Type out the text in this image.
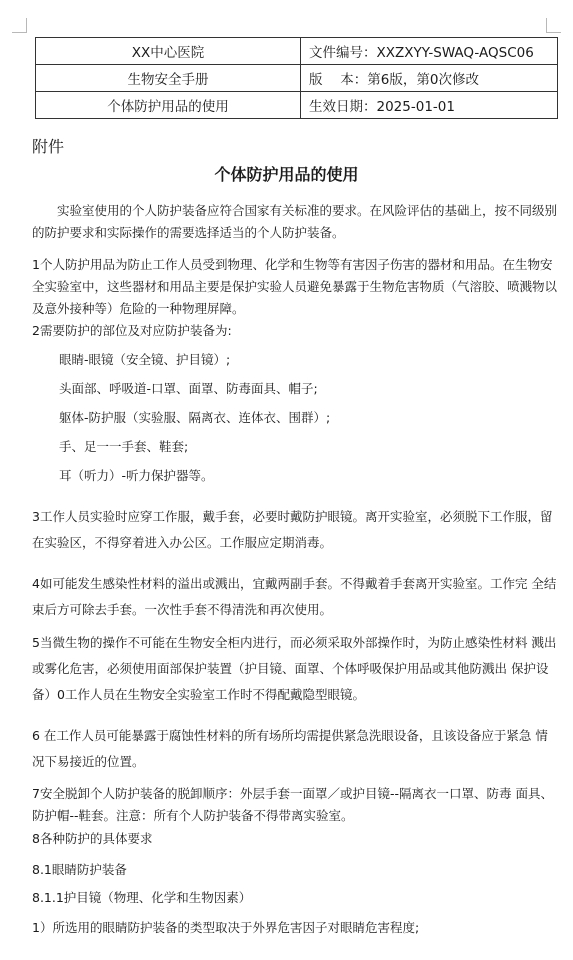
XX中心医院	文件编号：XXZXYY-SWAQ-AQSC06
生物安全手册	版　 本：第6版，第0次修改
个体防护用品的使用	生效日期：2025-01-01
附件
个体防护用品的使用

实验室使用的个人防护装备应符合国家有关标准的要求。在风险评估的基础上，按不同级别的防护要求和实际操作的需要选择适当的个人防护装备。

1个人防护用品为防止工作人员受到物理、化学和生物等有害因子伤害的器材和用品。在生物安全实验室中，这些器材和用品主要是保护实验人员避免暴露于生物危害物质（气溶胶、喷溅物以及意外接种等）危险的一种物理屏障。

2需要防护的部位及对应防护装备为:

眼睛-眼镜（安全镜、护目镜）;

头面部、呼吸道-口罩、面罩、防毒面具、帽子;

躯体-防护服（实验服、隔离衣、连体衣、围群）;

手、足一一手套、鞋套;

耳（听力）-听力保护器等。

3工作人员实验时应穿工作服，戴手套，必要时戴防护眼镜。离开实验室，必须脱下工作服，留在实验区，不得穿着进入办公区。工作服应定期消毒。

4如可能发生感染性材料的溢出或溅出，宜戴两副手套。不得戴着手套离开实验室。工作完 全结束后方可除去手套。一次性手套不得清洗和再次使用。

5当微生物的操作不可能在生物安全柜内进行，而必须采取外部操作时，为防止感染性材料 溅出或雾化危害，必须使用面部保护装置（护目镜、面罩、个体呼吸保护用品或其他防溅出 保护设备）0工作人员在生物安全实验室工作时不得配戴隐型眼镜。

6 在工作人员可能暴露于腐蚀性材料的所有场所均需提供紧急洗眼设备，且该设备应于紧急 情况下易接近的位置。

7安全脱卸个人防护装备的脱卸顺序：外层手套一面罩／或护目镜--隔离衣一口罩、防毒 面具、防护帽--鞋套。注意：所有个人防护装备不得带离实验室。

8各种防护的具体要求

8.1眼睛防护装备

8.1.1护目镜（物理、化学和生物因素）

1）所选用的眼睛防护装备的类型取决于外界危害因子对眼睛危害程度;
